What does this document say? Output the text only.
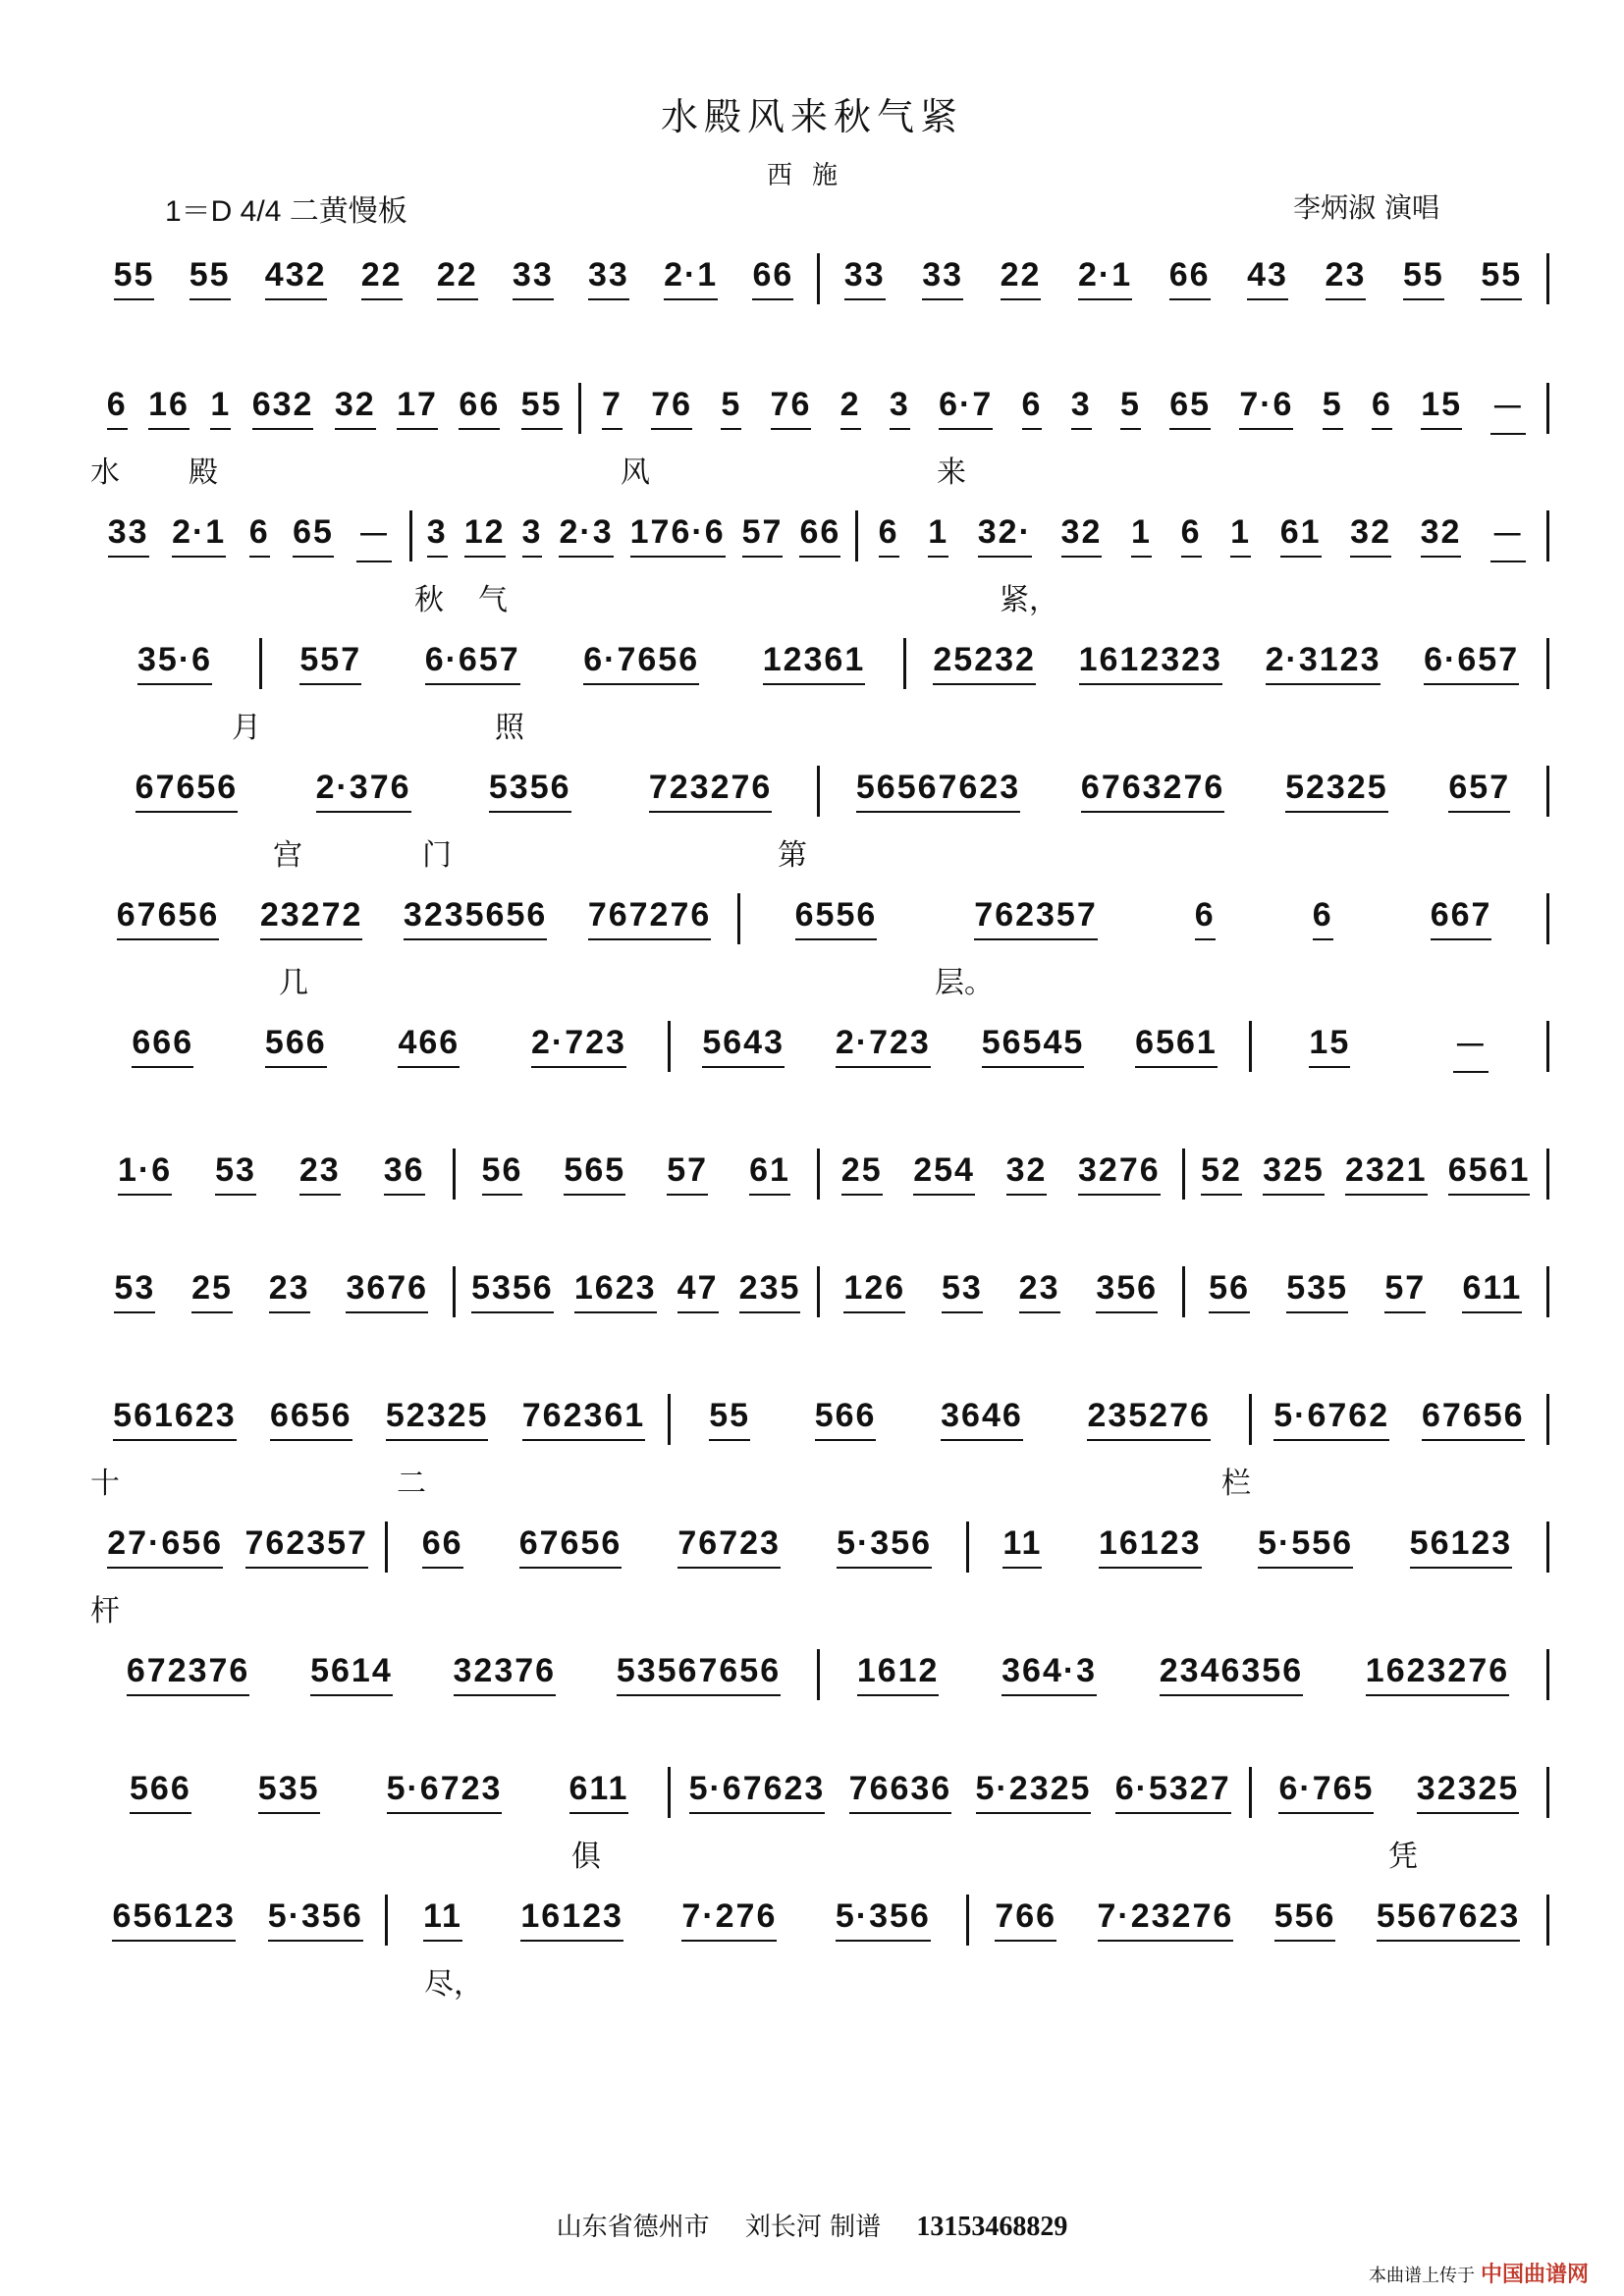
水殿风来秋气紧
西施
1＝D 4/4 二黄慢板	李炳淑 演唱
55 55 432 22 22 33 33 2·1 66 33 33 22 2·1 66 43 23 55 55
6 16 1 632 32 17 66 55 7 76 5 76 2 3 6·7 6 3 5 65 7·6 5 6 15 －
水 殿	风	来
33 2·1 6 65 － 3 12 3 2·3 176·6 57 66 6 1 32· 32 1 6 1 61 32 32 －
秋 气	紧，
35·6	557 6·657 6·7656 12361 25232 1612323 2·3123 6·657
月	照
67656 2·376 5356 723276	56567623 6763276 52325 657
宫	门	第
67656 23272 3235656 767276	6556	762357	6	6	667
几	层。
666 566 466 2·723 5643 2·723 56545 6561	15	－
1·6 53 23 36 56 565 57 61 25 254 32 3276 52 325 2321 6561
53 25 23 3676 5356 1623 47 235 126 53 23 356 56 535 57 611
561623 6656 52325 762361 55 566 3646 235276 5·6762 67656
十	二	栏
27·656 762357 66 67656 76723 5·356 11 16123 5·556 56123
杆
672376 5614 32376 53567656 1612 364·3 2346356 1623276
566 535 5·6723 611 5·67623 76636 5·2325 6·5327 6·765 32325
俱	凭
656123 5·356 11 16123 7·276 5·356 766 7·23276 556 5567623
尽，
山东省德州市 刘长河 制谱 13153468829
本曲谱上传于 中国曲谱网
